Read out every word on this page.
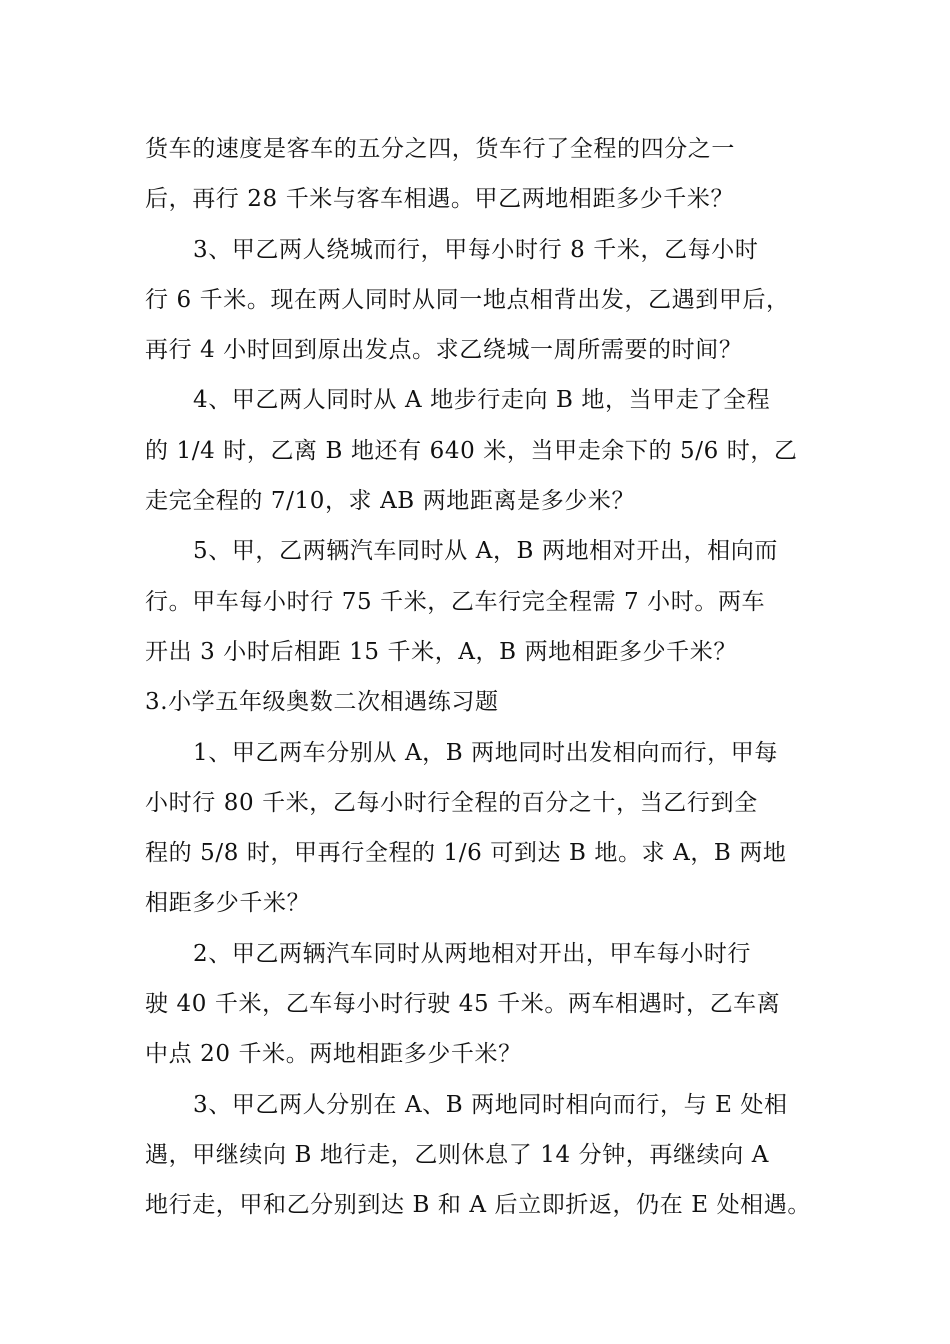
货车的速度是客车的五分之四，货车行了全程的四分之一
后，再行 28 千米与客车相遇。甲乙两地相距多少千米？
3、甲乙两人绕城而行，甲每小时行 8 千米，乙每小时
行 6 千米。现在两人同时从同一地点相背出发，乙遇到甲后，
再行 4 小时回到原出发点。求乙绕城一周所需要的时间？
4、甲乙两人同时从 A 地步行走向 B 地，当甲走了全程
的 1/4 时，乙离 B 地还有 640 米，当甲走余下的 5/6 时，乙
走完全程的 7/10，求 AB 两地距离是多少米？
5、甲，乙两辆汽车同时从 A，B 两地相对开出，相向而
行。甲车每小时行 75 千米，乙车行完全程需 7 小时。两车
开出 3 小时后相距 15 千米，A，B 两地相距多少千米？
3.小学五年级奥数二次相遇练习题
1、甲乙两车分别从 A，B 两地同时出发相向而行，甲每
小时行 80 千米，乙每小时行全程的百分之十，当乙行到全
程的 5/8 时，甲再行全程的 1/6 可到达 B 地。求 A，B 两地
相距多少千米？
2、甲乙两辆汽车同时从两地相对开出，甲车每小时行
驶 40 千米，乙车每小时行驶 45 千米。两车相遇时，乙车离
中点 20 千米。两地相距多少千米？
3、甲乙两人分别在 A、B 两地同时相向而行，与 E 处相
遇，甲继续向 B 地行走，乙则休息了 14 分钟，再继续向 A
地行走，甲和乙分别到达 B 和 A 后立即折返，仍在 E 处相遇。
